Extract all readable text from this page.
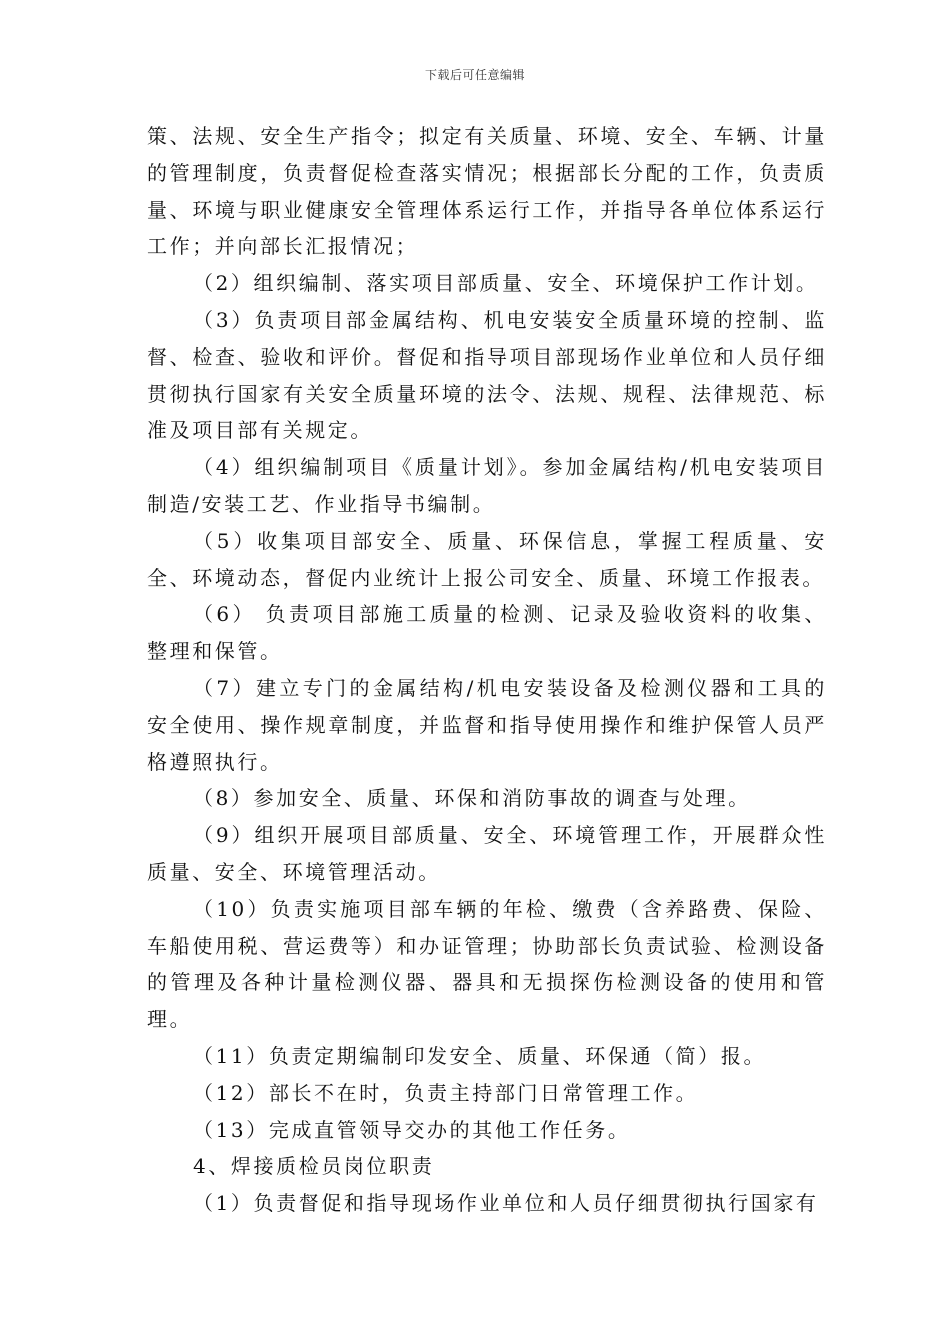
下载后可任意编辑

策、法规、安全生产指令；拟定有关质量、环境、安全、车辆、计量的管理制度，负责督促检查落实情况；根据部长分配的工作，负责质量、环境与职业健康安全管理体系运行工作，并指导各单位体系运行工作；并向部长汇报情况；

（2）组织编制、落实项目部质量、安全、环境保护工作计划。

（3）负责项目部金属结构、机电安装安全质量环境的控制、监督、检查、验收和评价。督促和指导项目部现场作业单位和人员仔细贯彻执行国家有关安全质量环境的法令、法规、规程、法律规范、标准及项目部有关规定。

（4）组织编制项目《质量计划》。参加金属结构/机电安装项目制造/安装工艺、作业指导书编制。

（5）收集项目部安全、质量、环保信息，掌握工程质量、安全、环境动态，督促内业统计上报公司安全、质量、环境工作报表。

（6） 负责项目部施工质量的检测、记录及验收资料的收集、整理和保管。

（7）建立专门的金属结构/机电安装设备及检测仪器和工具的安全使用、操作规章制度，并监督和指导使用操作和维护保管人员严格遵照执行。

（8）参加安全、质量、环保和消防事故的调查与处理。

（9）组织开展项目部质量、安全、环境管理工作，开展群众性质量、安全、环境管理活动。

（10）负责实施项目部车辆的年检、缴费（含养路费、保险、车船使用税、营运费等）和办证管理；协助部长负责试验、检测设备的管理及各种计量检测仪器、器具和无损探伤检测设备的使用和管理。

（11）负责定期编制印发安全、质量、环保通（简）报。

（12）部长不在时，负责主持部门日常管理工作。

（13）完成直管领导交办的其他工作任务。

4、焊接质检员岗位职责

（1）负责督促和指导现场作业单位和人员仔细贯彻执行国家有
